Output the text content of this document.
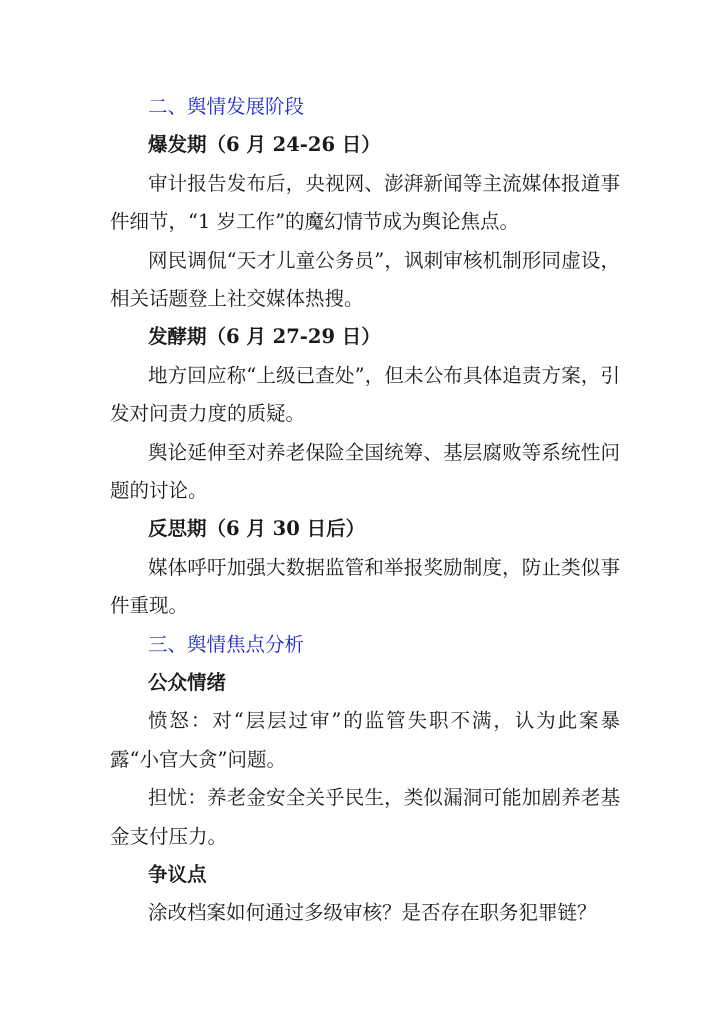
二、舆情发展阶段
爆发期（6 月 24-26 日）

审计报告发布后，央视网、澎湃新闻等主流媒体报道事件细节，“1 岁工作”的魔幻情节成为舆论焦点。

网民调侃“天才儿童公务员”，讽刺审核机制形同虚设，相关话题登上社交媒体热搜。

发酵期（6 月 27-29 日）

地方回应称“上级已查处”，但未公布具体追责方案，引发对问责力度的质疑。

舆论延伸至对养老保险全国统筹、基层腐败等系统性问题的讨论。

反思期（6 月 30 日后）

媒体呼吁加强大数据监管和举报奖励制度，防止类似事件重现。

三、舆情焦点分析
公众情绪

愤怒：对“层层过审”的监管失职不满，认为此案暴露“小官大贪”问题。

担忧：养老金安全关乎民生，类似漏洞可能加剧养老基金支付压力。

争议点

涂改档案如何通过多级审核？是否存在职务犯罪链？
